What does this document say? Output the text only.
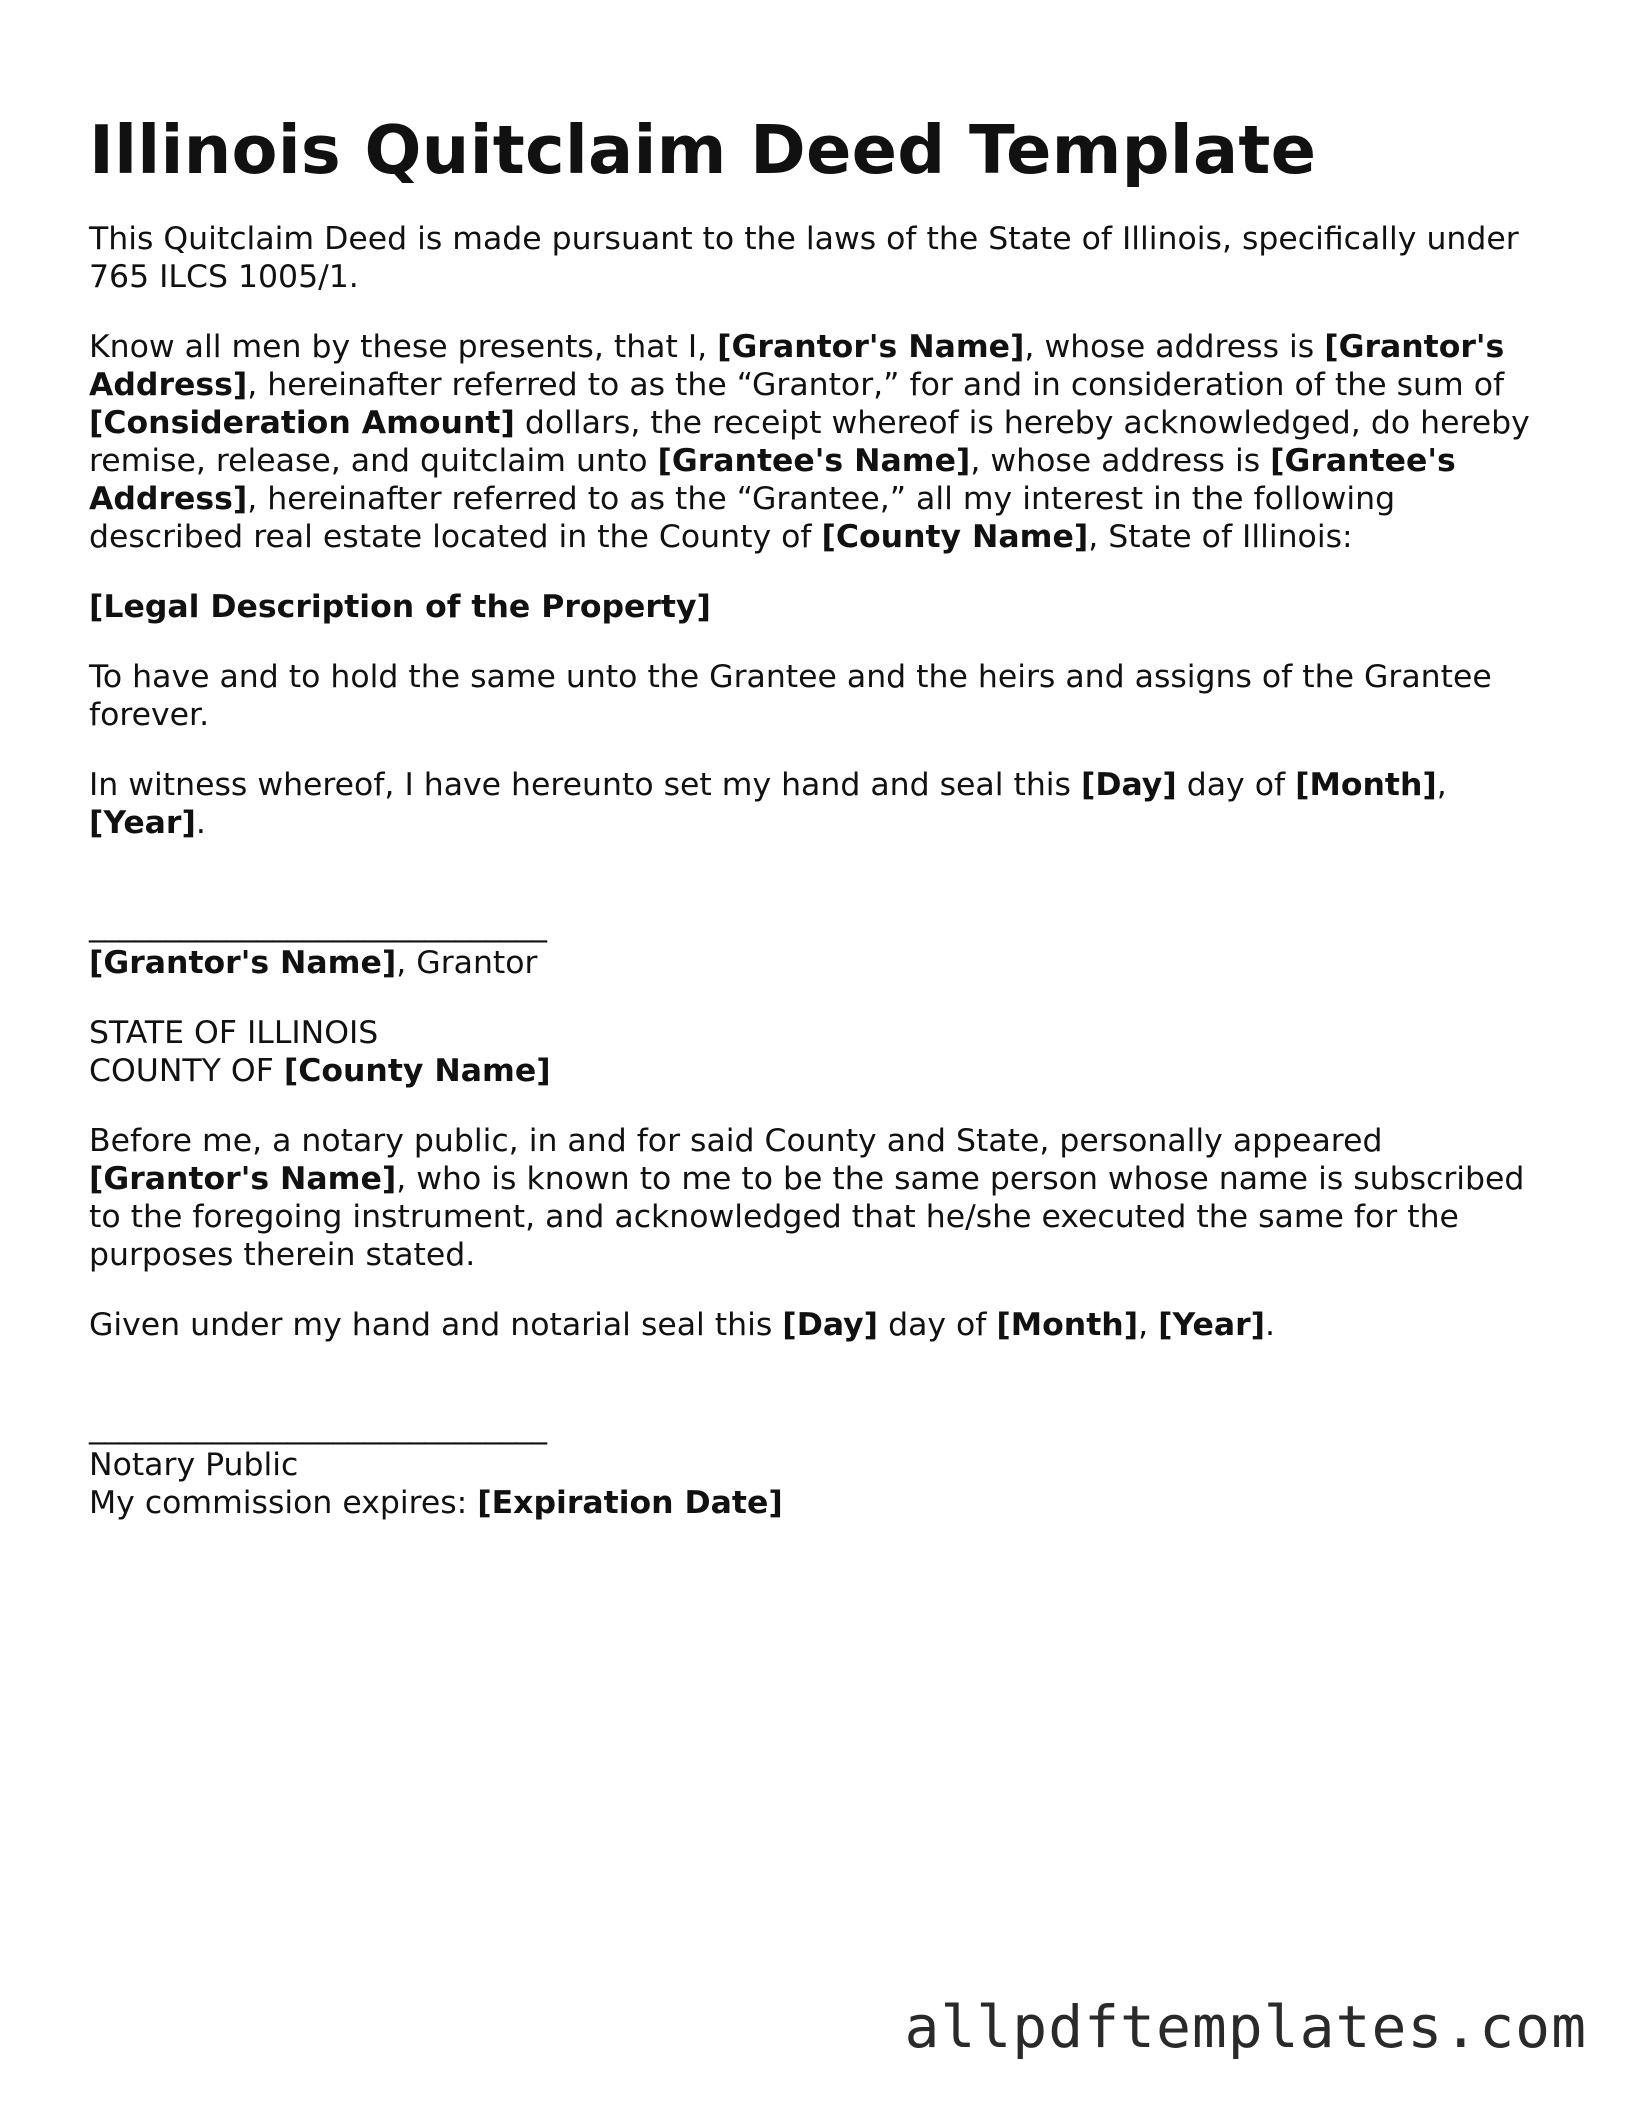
Illinois Quitclaim Deed Template

This Quitclaim Deed is made pursuant to the laws of the State of Illinois, specifically under 765 ILCS 1005/1.

Know all men by these presents, that I, [Grantor's Name], whose address is [Grantor's Address], hereinafter referred to as the “Grantor,” for and in consideration of the sum of [Consideration Amount] dollars, the receipt whereof is hereby acknowledged, do hereby remise, release, and quitclaim unto [Grantee's Name], whose address is [Grantee's Address], hereinafter referred to as the “Grantee,” all my interest in the following described real estate located in the County of [County Name], State of Illinois:

[Legal Description of the Property]

To have and to hold the same unto the Grantee and the heirs and assigns of the Grantee forever.

In witness whereof, I have hereunto set my hand and seal this [Day] day of [Month], [Year].

______________________________
[Grantor's Name], Grantor

STATE OF ILLINOIS
COUNTY OF [County Name]

Before me, a notary public, in and for said County and State, personally appeared [Grantor's Name], who is known to me to be the same person whose name is subscribed to the foregoing instrument, and acknowledged that he/she executed the same for the purposes therein stated.

Given under my hand and notarial seal this [Day] day of [Month], [Year].

______________________________
Notary Public
My commission expires: [Expiration Date]

allpdftemplates.com
